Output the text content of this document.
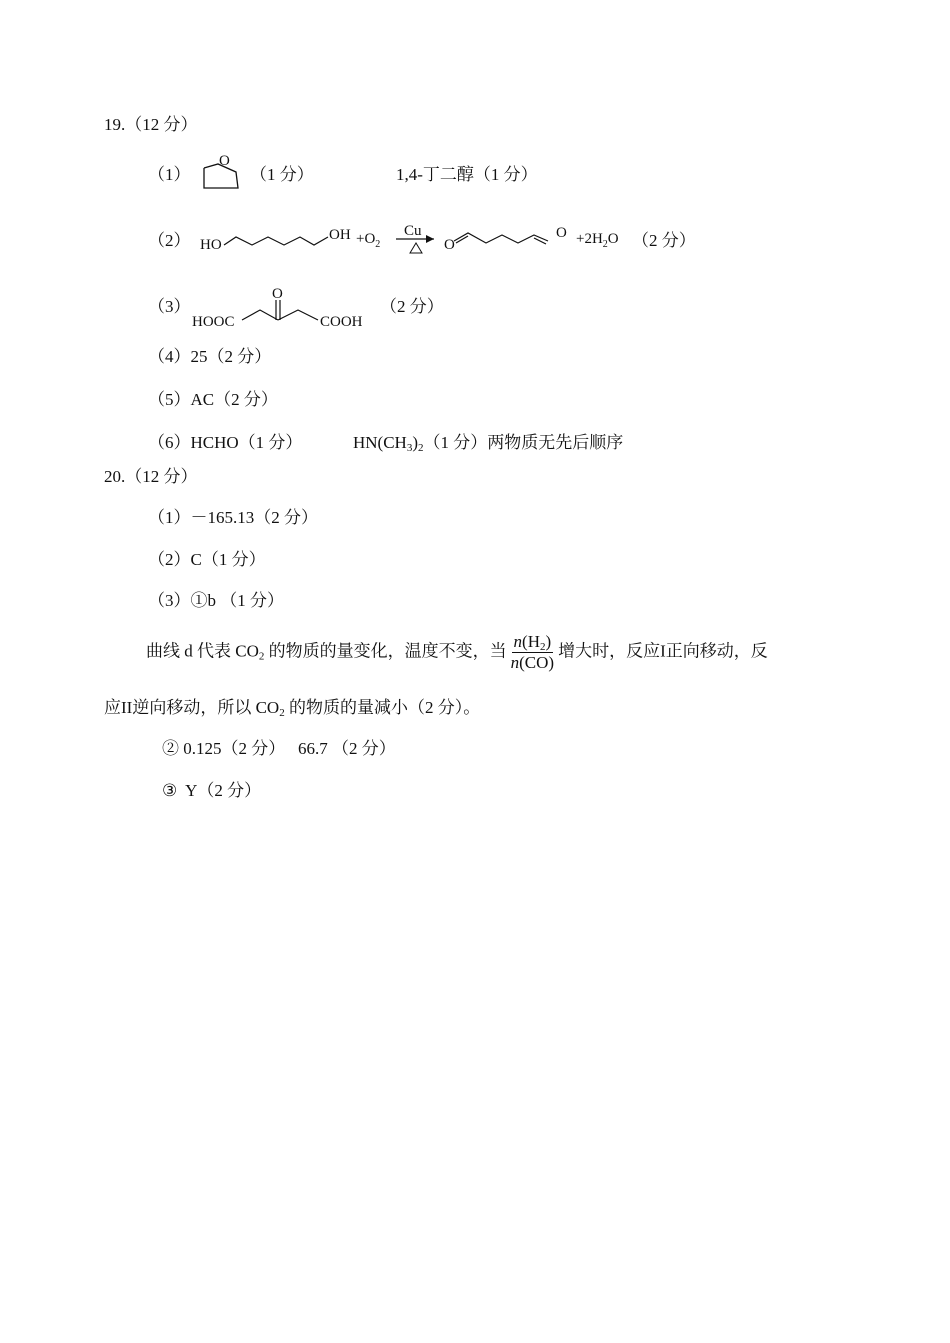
19.（12 分）
（1）
O
（1 分）	1,4-丁二醇（1 分）
（2） HO
OH $+O_2$
Cu
O
$O +2H_2O$ （2 分）
（3）
HOOC
O
COOH
（2 分）
（4）25（2 分）
（5）AC（2 分）
（6）HCHO（1 分）	$HN(CH_3)_2(1$ 分）两物质无先后顺序
20.（12 分）
（1）－165.13（2 分）
（2）C（1 分）
（3）①b （1 分）
曲线 d 代表 $CO_2$ 的物质的量变化，温度不变，当 $\frac{n(H_2)}{n(CO)}$ 增大时，反应I正向移动，反
应II逆向移动，所以 $CO_2$ 的物质的量减小（2 分）。
② 0.125（2 分）   66.7 （2 分）
③  Y（2 分）
